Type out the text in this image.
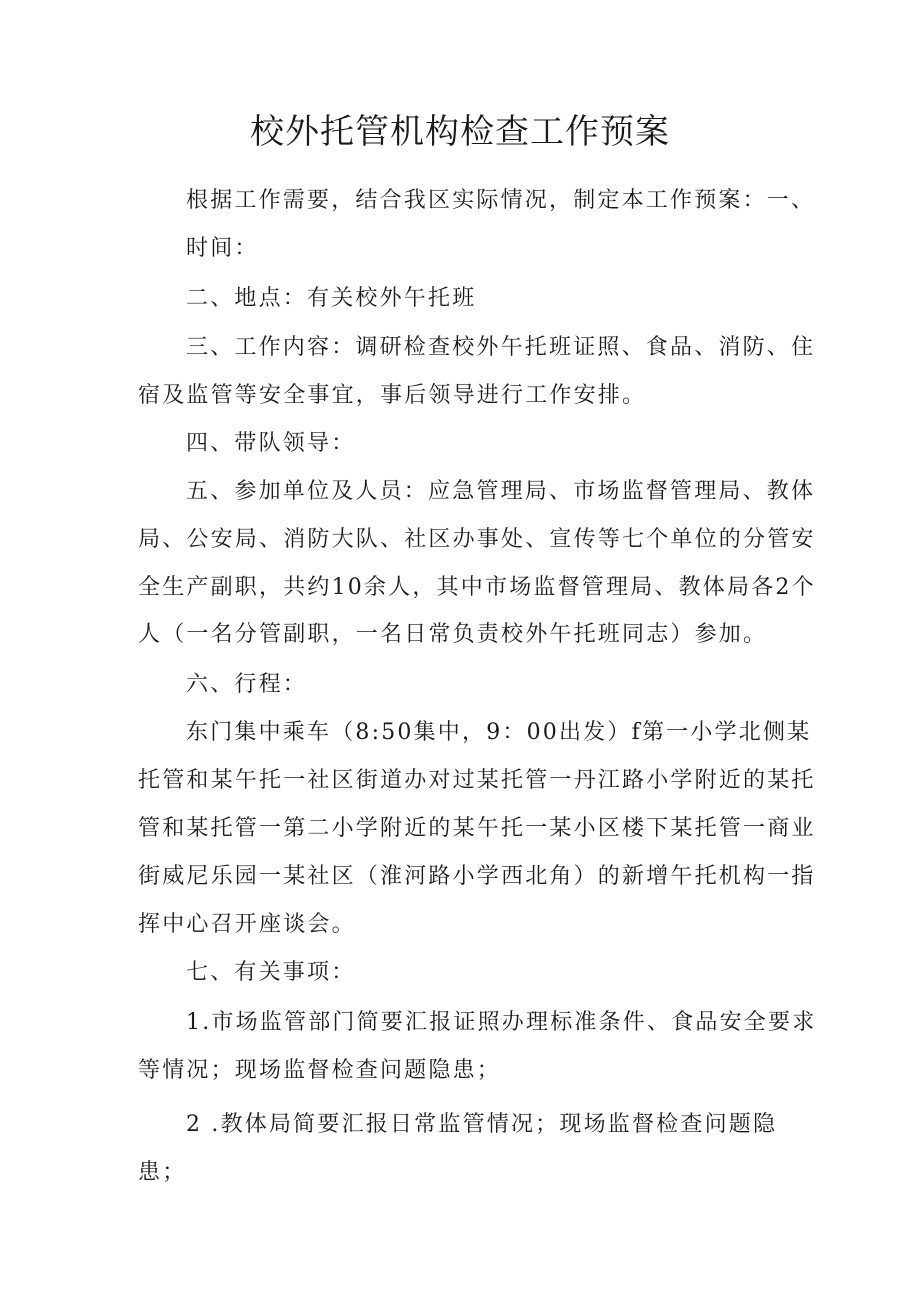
校外托管机构检查工作预案
根据工作需要，结合我区实际情况，制定本工作预案：一、
时间：
二、地点：有关校外午托班
三、工作内容：调研检查校外午托班证照、食品、消防、住
宿及监管等安全事宜，事后领导进行工作安排。
四、带队领导：
五、参加单位及人员：应急管理局、市场监督管理局、教体
局、公安局、消防大队、社区办事处、宣传等七个单位的分管安
全生产副职，共约10余人，其中市场监督管理局、教体局各2个
人（一名分管副职，一名日常负责校外午托班同志）参加。
六、行程：
东门集中乘车（8:50集中，9：00出发）f第一小学北侧某
托管和某午托一社区街道办对过某托管一丹江路小学附近的某托
管和某托管一第二小学附近的某午托一某小区楼下某托管一商业
街威尼乐园一某社区（淮河路小学西北角）的新增午托机构一指
挥中心召开座谈会。
七、有关事项：
1.市场监管部门简要汇报证照办理标准条件、食品安全要求
等情况；现场监督检查问题隐患；
2 .教体局简要汇报日常监管情况；现场监督检查问题隐
患；
